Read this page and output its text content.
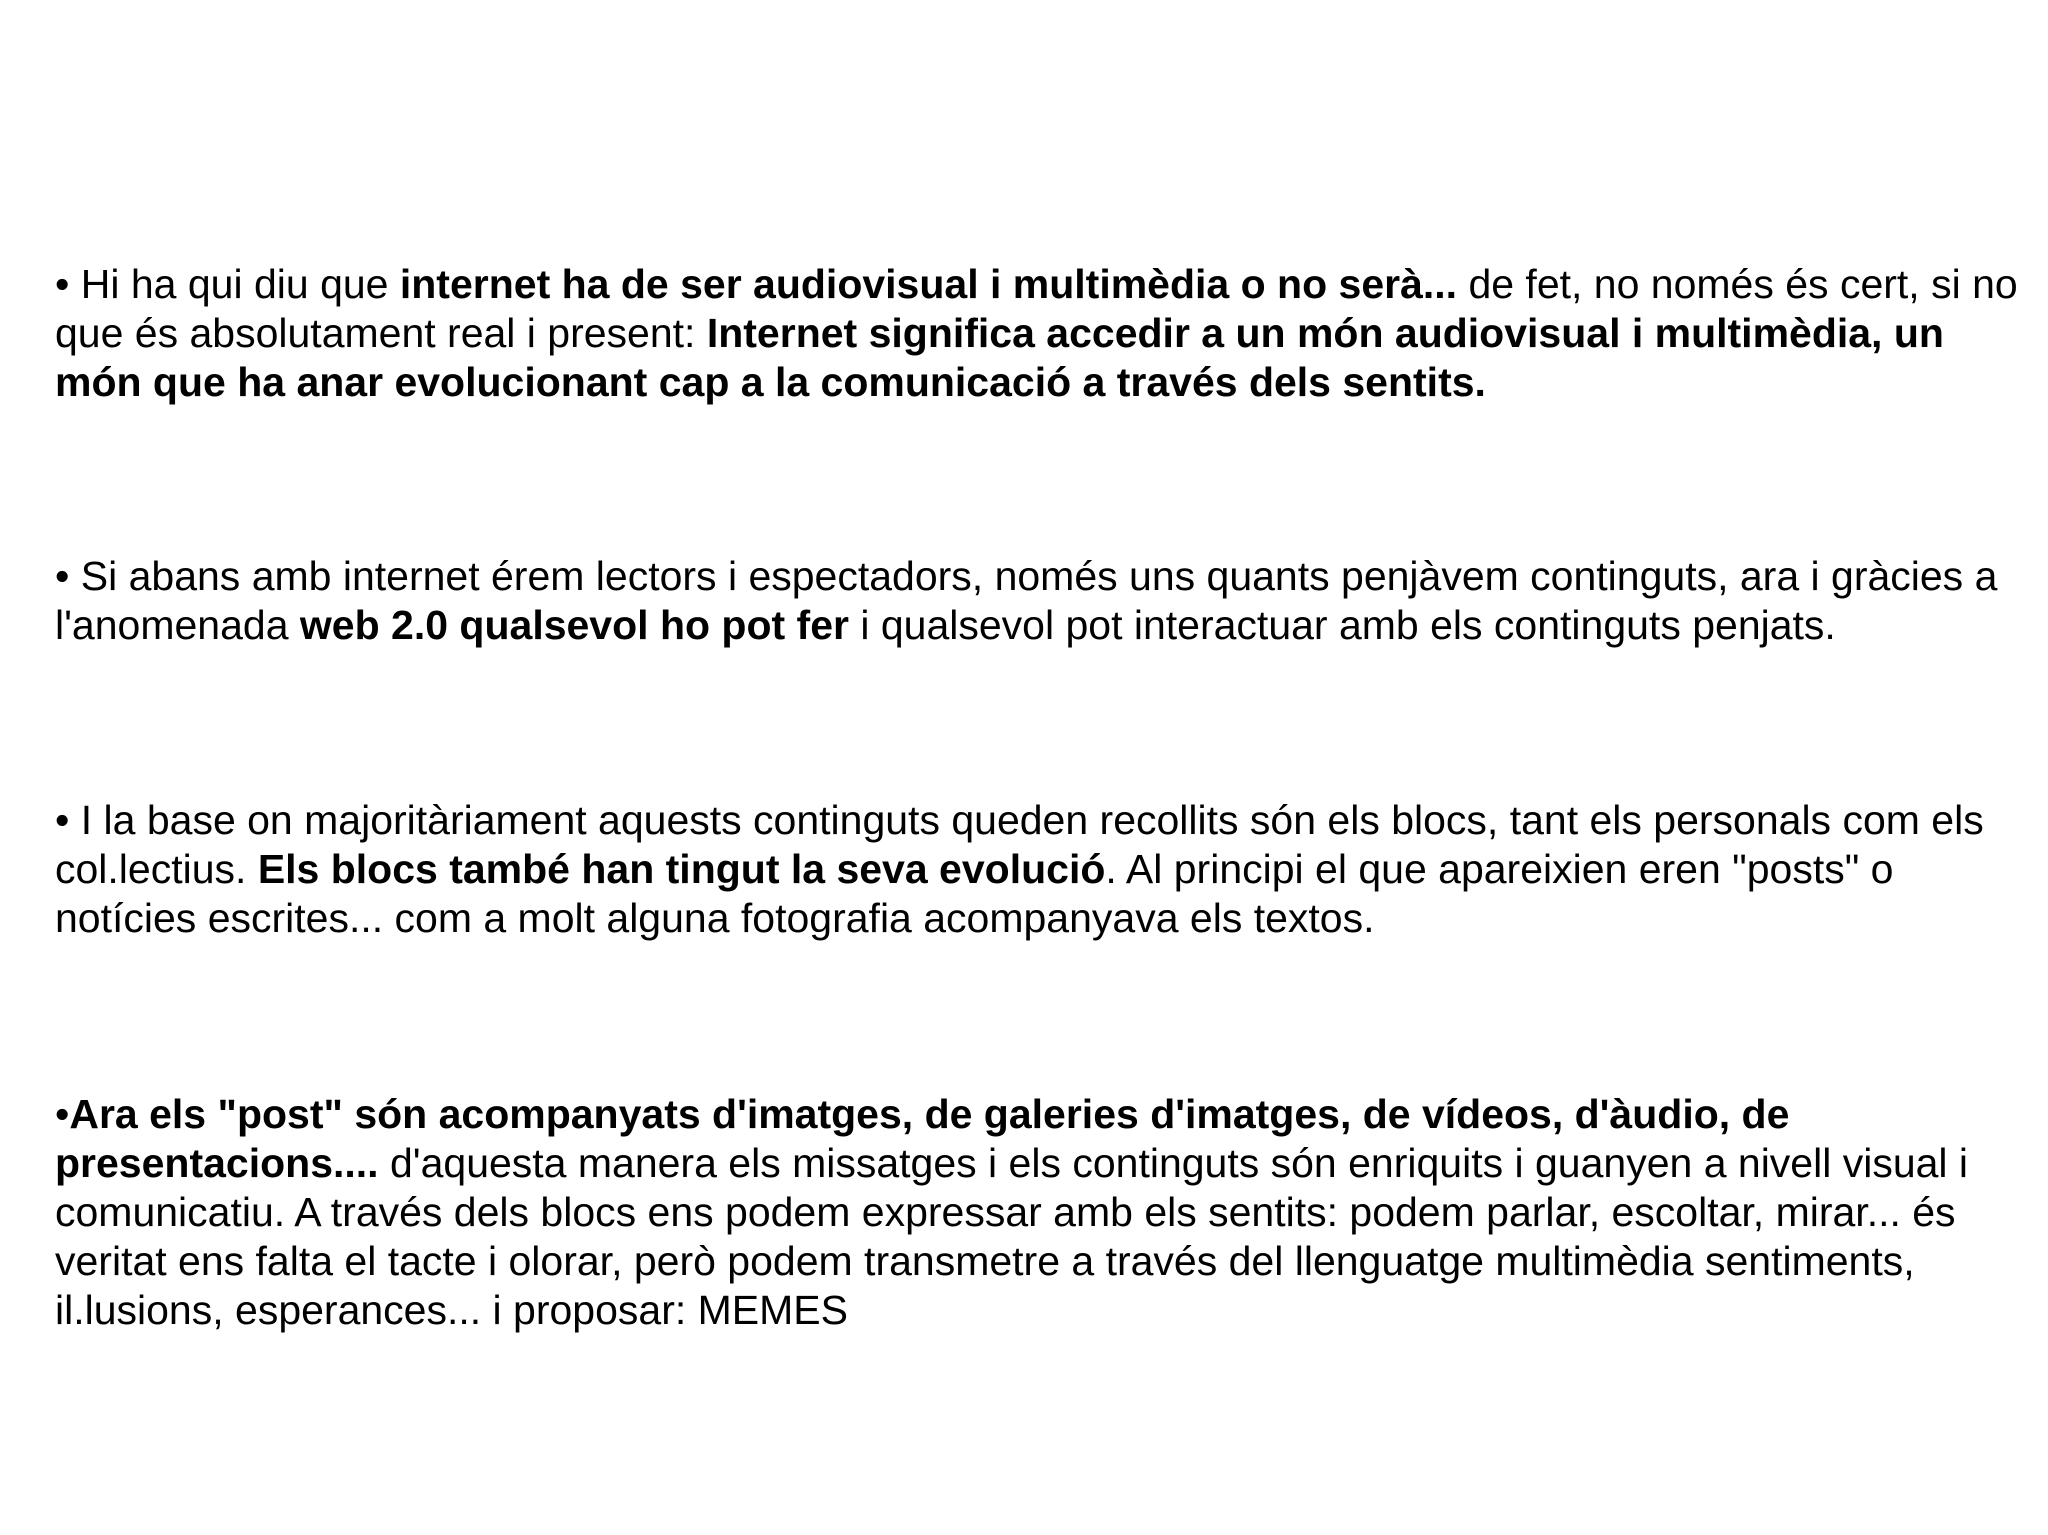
• Hi ha qui diu que internet ha de ser audiovisual i multimèdia o no serà... de fet, no només és cert, si no que és absolutament real i present: Internet significa accedir a un món audiovisual i multimèdia, un món que ha anar evolucionant cap a la comunicació a través dels sentits.

• Si abans amb internet érem lectors i espectadors, només uns quants penjàvem continguts, ara i gràcies a l'anomenada web 2.0 qualsevol ho pot fer i qualsevol pot interactuar amb els continguts penjats.

• I la base on majoritàriament aquests continguts queden recollits són els blocs, tant els personals com els col.lectius. Els blocs també han tingut la seva evolució. Al principi el que apareixien eren "posts" o notícies escrites... com a molt alguna fotografia acompanyava els textos.

•Ara els "post" són acompanyats d'imatges, de galeries d'imatges, de vídeos, d'àudio, de presentacions.... d'aquesta manera els missatges i els continguts són enriquits i guanyen a nivell visual i comunicatiu. A través dels blocs ens podem expressar amb els sentits: podem parlar, escoltar, mirar... és veritat ens falta el tacte i olorar, però podem transmetre a través del llenguatge multimèdia sentiments, il.lusions, esperances... i proposar: MEMES
